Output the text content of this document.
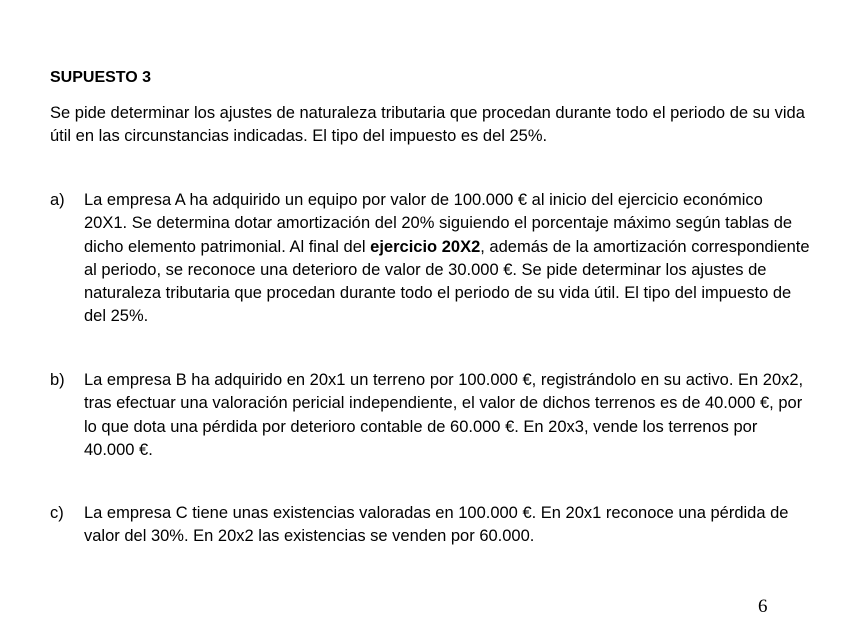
SUPUESTO 3
Se pide determinar los ajustes de naturaleza tributaria que procedan durante todo el periodo de su vida útil en las circunstancias indicadas. El tipo del impuesto es del 25%.
a)	La empresa A ha adquirido un equipo por valor de 100.000 € al inicio del ejercicio económico 20X1. Se determina dotar amortización del 20% siguiendo el porcentaje máximo según tablas de dicho elemento patrimonial. Al final del ejercicio 20X2, además de la amortización correspondiente al periodo, se reconoce una deterioro de valor de 30.000 €. Se pide determinar los ajustes de naturaleza tributaria que procedan durante todo el periodo de su vida útil. El tipo del impuesto de del 25%.
b)	La empresa B ha adquirido en 20x1 un terreno por 100.000 €, registrándolo en su activo. En 20x2, tras efectuar una valoración pericial independiente, el valor de dichos terrenos es de 40.000 €, por lo que dota una pérdida por deterioro contable de 60.000 €. En 20x3, vende los terrenos por 40.000 €.
c)	La empresa C tiene unas existencias valoradas en 100.000 €. En 20x1 reconoce una pérdida de valor del 30%. En 20x2 las existencias se venden por 60.000.
6
